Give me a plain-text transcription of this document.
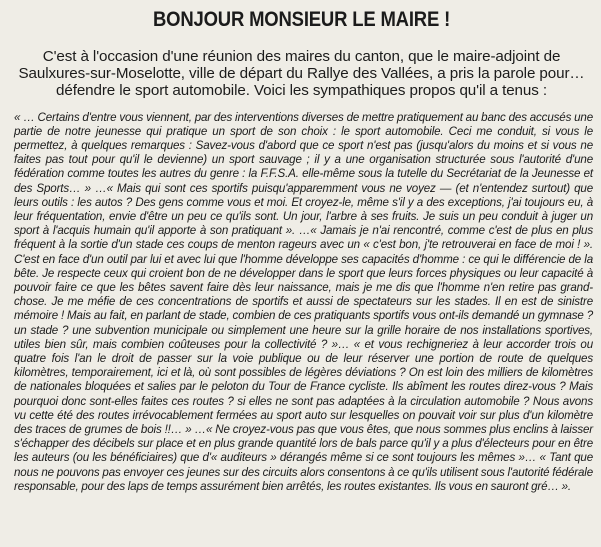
BONJOUR MONSIEUR LE MAIRE !

C'est à l'occasion d'une réunion des maires du canton, que le maire-adjoint de Saulxures-sur-Moselotte, ville de départ du Rallye des Vallées, a pris la parole pour… défendre le sport automobile. Voici les sympathiques propos qu'il a tenus :

« … Certains d'entre vous viennent, par des interventions diverses de mettre pratiquement au banc des accusés une partie de notre jeunesse qui pratique un sport de son choix : le sport automobile. Ceci me conduit, si vous le permettez, à quelques remarques : Savez-vous d'abord que ce sport n'est pas (jusqu'alors du moins et si vous ne faites pas tout pour qu'il le devienne) un sport sauvage ; il y a une organisation structurée sous l'autorité d'une fédération comme toutes les autres du genre : la F.F.S.A. elle-même sous la tutelle du Secrétariat de la Jeunesse et des Sports… » …« Mais qui sont ces sportifs puisqu'apparemment vous ne voyez — (et n'entendez surtout) que leurs outils : les autos ? Des gens comme vous et moi. Et croyez-le, même s'il y a des exceptions, j'ai toujours eu, à leur fréquentation, envie d'être un peu ce qu'ils sont. Un jour, l'arbre à ses fruits. Je suis un peu conduit à juger un sport à l'acquis humain qu'il apporte à son pratiquant ». …« Jamais je n'ai rencontré, comme c'est de plus en plus fréquent à la sortie d'un stade ces coups de menton rageurs avec un « c'est bon, j'te retrouverai en face de moi ! ». C'est en face d'un outil par lui et avec lui que l'homme développe ses capacités d'homme : ce qui le différencie de la bête. Je respecte ceux qui croient bon de ne développer dans le sport que leurs forces physiques ou leur capacité à pouvoir faire ce que les bêtes savent faire dès leur naissance, mais je me dis que l'homme n'en retire pas grand-chose. Je me méfie de ces concentrations de sportifs et aussi de spectateurs sur les stades. Il en est de sinistre mémoire ! Mais au fait, en parlant de stade, combien de ces pratiquants sportifs vous ont-ils demandé un gymnase ? un stade ? une subvention municipale ou simplement une heure sur la grille horaire de nos installations sportives, utiles bien sûr, mais combien coûteuses pour la collectivité ? »… « et vous rechigneriez à leur accorder trois ou quatre fois l'an le droit de passer sur la voie publique ou de leur réserver une portion de route de quelques kilomètres, temporairement, ici et là, où sont possibles de légères déviations ? On est loin des milliers de kilomètres de nationales bloquées et salies par le peloton du Tour de France cycliste. Ils abîment les routes direz-vous ? Mais pourquoi donc sont-elles faites ces routes ? si elles ne sont pas adaptées à la circulation automobile ? Nous avons vu cette été des routes irrévocablement fermées au sport auto sur lesquelles on pouvait voir sur plus d'un kilomètre des traces de grumes de bois !!… » …« Ne croyez-vous pas que vous êtes, que nous sommes plus enclins à laisser s'échapper des décibels sur place et en plus grande quantité lors de bals parce qu'il y a plus d'électeurs pour en être les auteurs (ou les bénéficiaires) que d'« auditeurs » dérangés même si ce sont toujours les mêmes »… « Tant que nous ne pouvons pas envoyer ces jeunes sur des circuits alors consentons à ce qu'ils utilisent sous l'autorité fédérale responsable, pour des laps de temps assurément bien arrêtés, les routes existantes. Ils vous en sauront gré… ».
